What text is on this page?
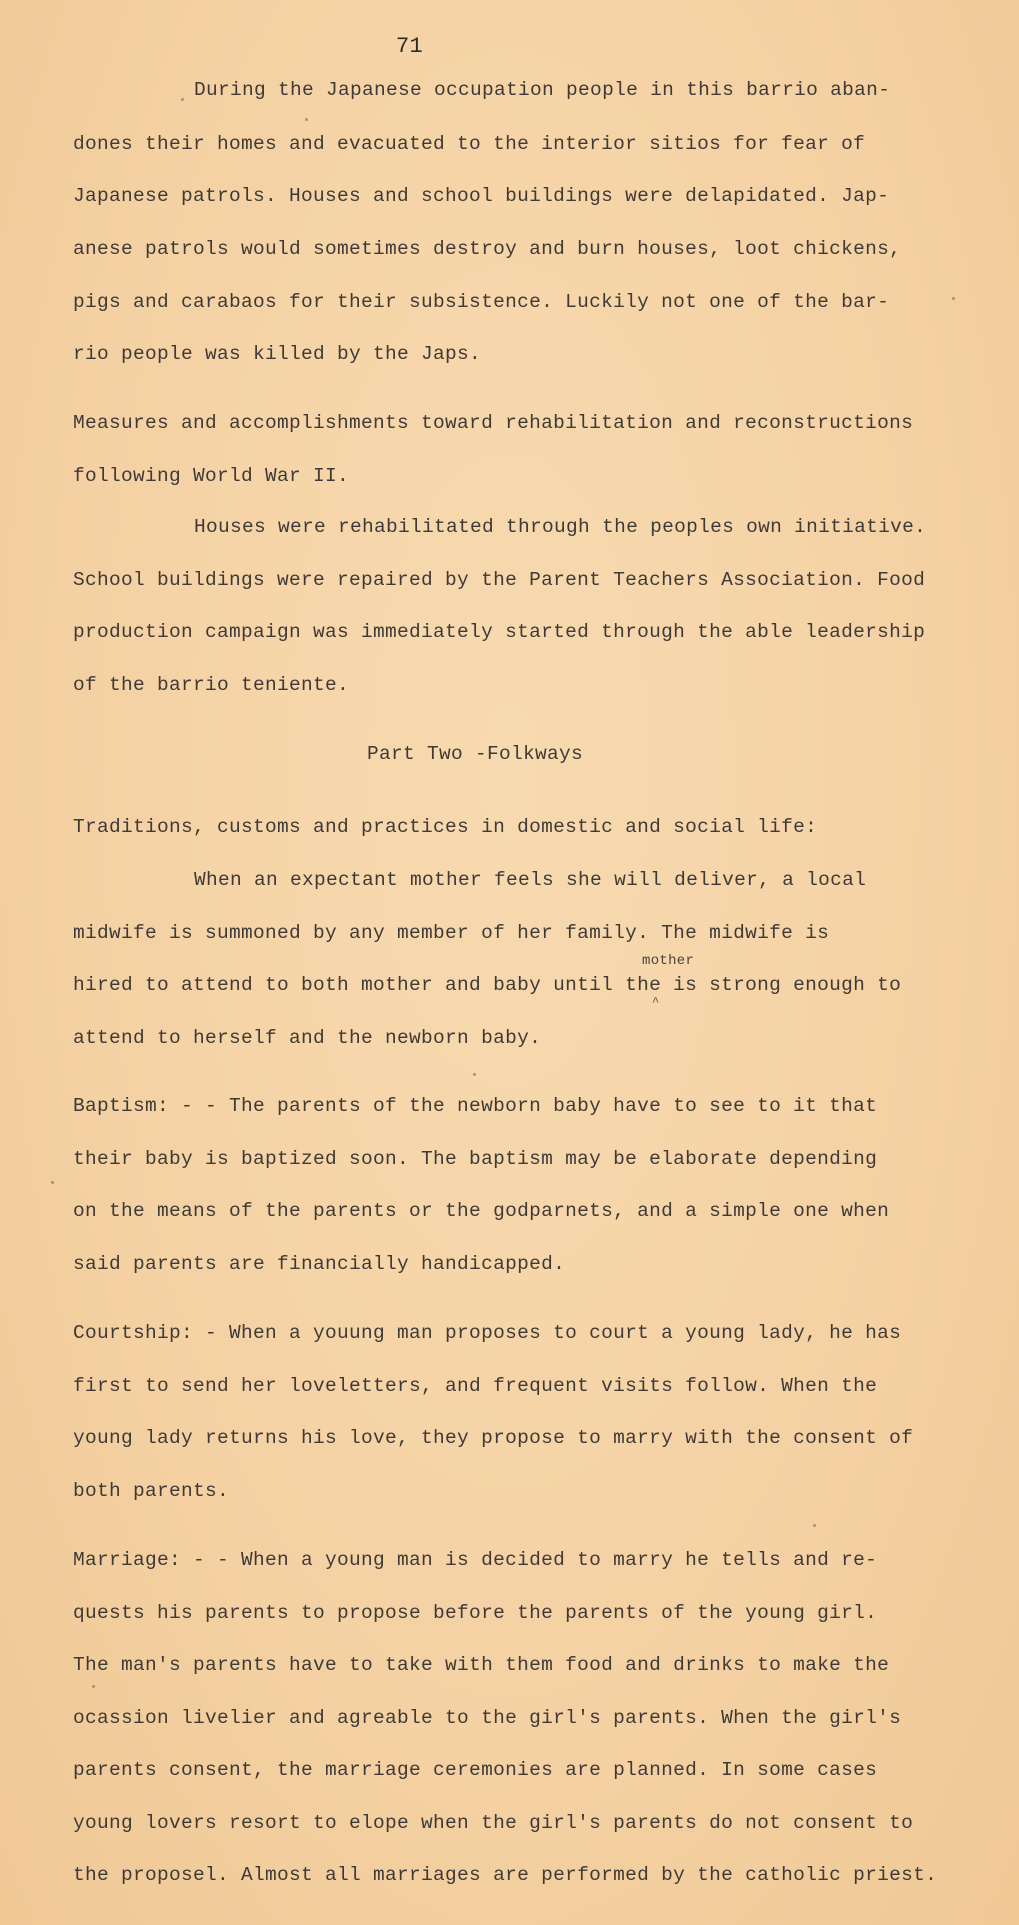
71
During the Japanese occupation people in this barrio aban-
dones their homes and evacuated to the interior sitios for fear of
Japanese patrols. Houses and school buildings were delapidated. Jap-
anese patrols would sometimes destroy and burn houses, loot chickens,
pigs and carabaos for their subsistence. Luckily not one of the bar-
rio people was killed by the Japs.
Measures and accomplishments toward rehabilitation and reconstructions
following World War II.
Houses were rehabilitated through the peoples own initiative.
School buildings were repaired by the Parent Teachers Association. Food
production campaign was immediately started through the able leadership
of the barrio teniente.
Part Two -Folkways
Traditions, customs and practices in domestic and social life:
When an expectant mother feels she will deliver, a local
midwife is summoned by any member of her family. The midwife is
mother
hired to attend to both mother and baby until the is strong enough to
^
attend to herself and the newborn baby.
Baptism: - - The parents of the newborn baby have to see to it that
their baby is baptized soon. The baptism may be elaborate depending
on the means of the parents or the godparnets, and a simple one when
said parents are financially handicapped.
Courtship: - When a youung man proposes to court a young lady, he has
first to send her loveletters, and frequent visits follow. When the
young lady returns his love, they propose to marry with the consent of
both parents.
Marriage: - - When a young man is decided to marry he tells and re-
quests his parents to propose before the parents of the young girl.
The man's parents have to take with them food and drinks to make the
ocassion livelier and agreable to the girl's parents. When the girl's
parents consent, the marriage ceremonies are planned. In some cases
young lovers resort to elope when the girl's parents do not consent to
the proposel. Almost all marriages are performed by the catholic priest.
